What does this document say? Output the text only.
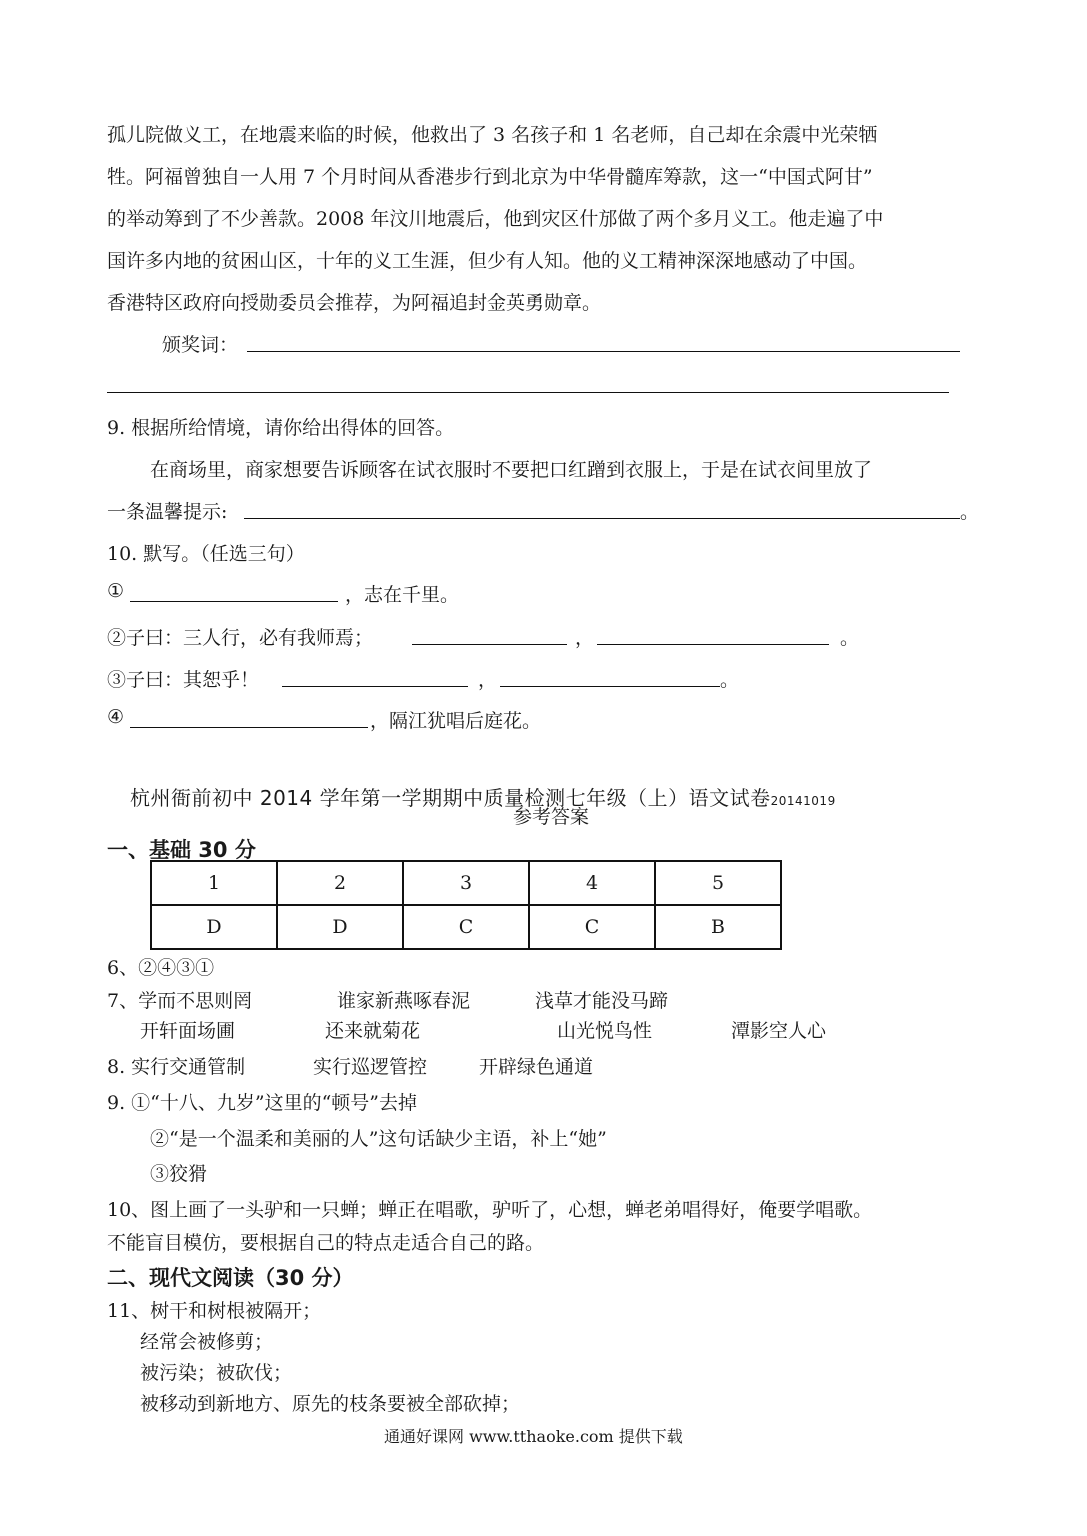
孤儿院做义工，在地震来临的时候，他救出了 3 名孩子和 1 名老师，自己却在余震中光荣牺
牲。阿福曾独自一人用 7 个月时间从香港步行到北京为中华骨髓库筹款，这一“中国式阿甘”
的举动筹到了不少善款。2008 年汶川地震后，他到灾区什邡做了两个多月义工。他走遍了中
国许多内地的贫困山区，十年的义工生涯，但少有人知。他的义工精神深深地感动了中国。
香港特区政府向授勋委员会推荐，为阿福追封金英勇勋章。
颁奖词：
9. 根据所给情境，请你给出得体的回答。
在商场里，商家想要告诉顾客在试衣服时不要把口红蹭到衣服上，于是在试衣间里放了
一条温馨提示:	。
10. 默写。（任选三句）
①	，志在千里。
②子曰：三人行，必有我师焉；	，	。
③子曰：其恕乎！	，	。
④	，隔江犹唱后庭花。
杭州衙前初中 2014 学年第一学期期中质量检测七年级（上）语文试卷20141019
参考答案
一、基础 30 分
1	2	3	4	5
D	D	C	C	B
6、②④③①
7、学而不思则罔	谁家新燕啄春泥	浅草才能没马蹄
开轩面场圃	还来就菊花	山光悦鸟性	潭影空人心
8. 实行交通管制	实行巡逻管控	开辟绿色通道
9. ①“十八、九岁”这里的“顿号”去掉
②“是一个温柔和美丽的人”这句话缺少主语，补上“她”
③狡猾
10、图上画了一头驴和一只蝉；蝉正在唱歌，驴听了，心想，蝉老弟唱得好，俺要学唱歌。
不能盲目模仿，要根据自己的特点走适合自己的路。
二、现代文阅读（30 分）
11、树干和树根被隔开；
经常会被修剪；
被污染；被砍伐；
被移动到新地方、原先的枝条要被全部砍掉；
通通好课网 www.tthaoke.com 提供下载
